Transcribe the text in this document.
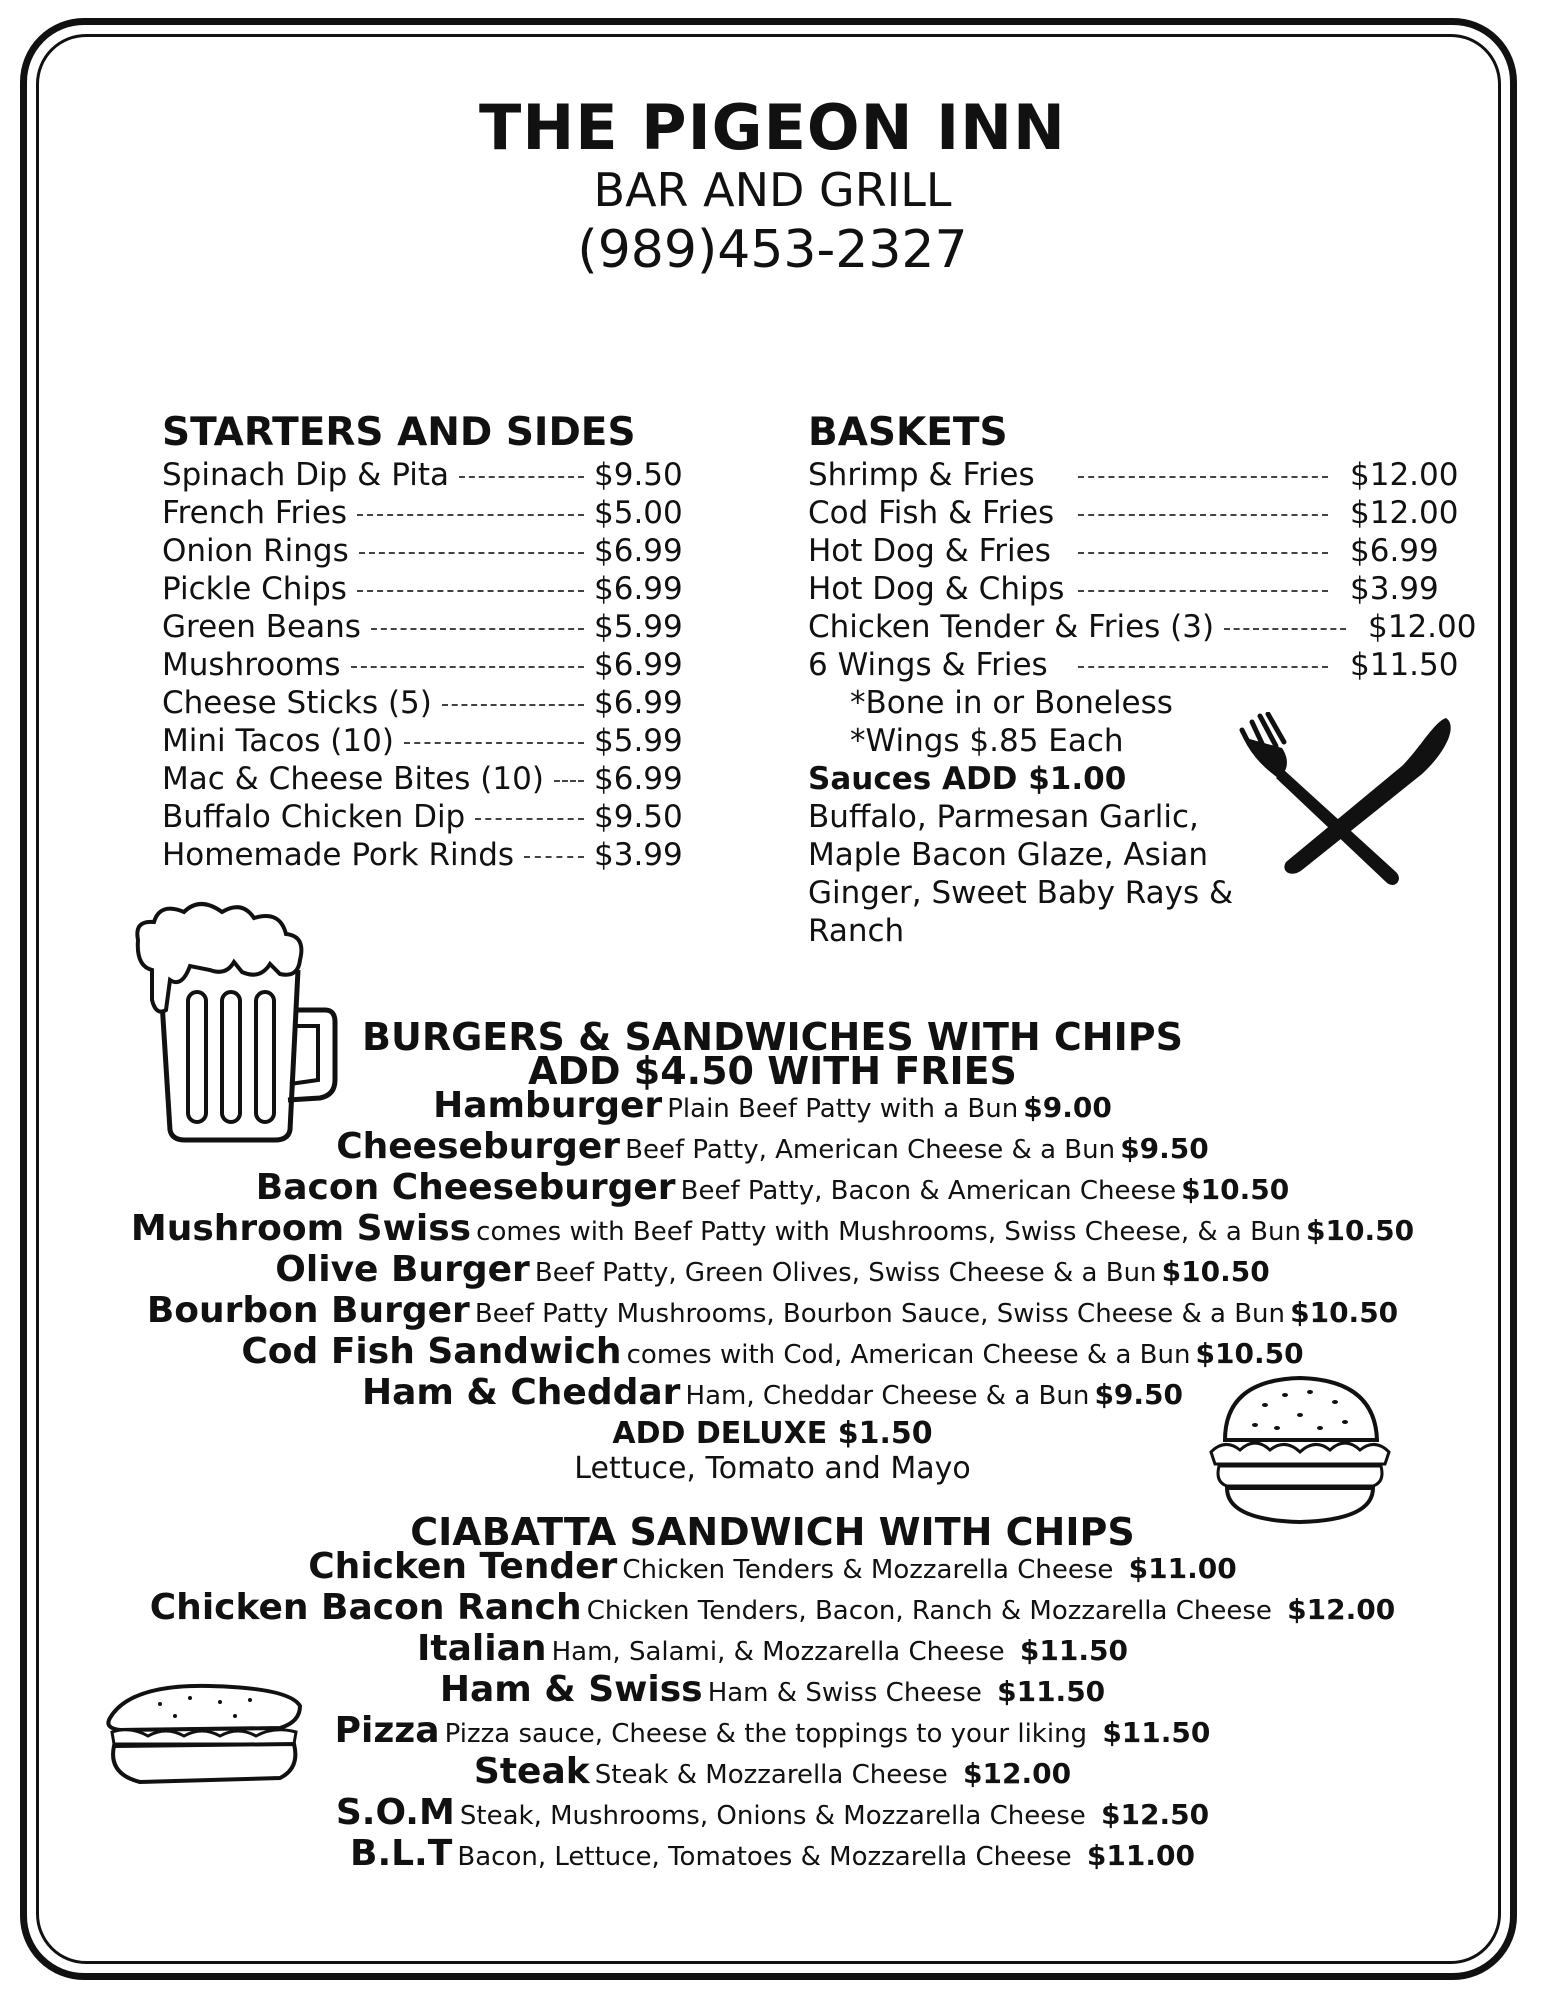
THE PIGEON INN
BAR AND GRILL
(989)453-2327
STARTERS AND SIDES
Spinach Dip & Pita	$9.50
French Fries	$5.00
Onion Rings	$6.99
Pickle Chips	$6.99
Green Beans	$5.99
Mushrooms	$6.99
Cheese Sticks (5)	$6.99
Mini Tacos (10)	$5.99
Mac & Cheese Bites (10) $6.99
Buffalo Chicken Dip	$9.50
Homemade Pork Rinds	$3.99
BASKETS
Shrimp & Fries	$12.00
Cod Fish & Fries	$12.00
Hot Dog & Fries	$6.99
Hot Dog & Chips	$3.99
Chicken Tender & Fries (3)	$12.00
6 Wings & Fries	$11.50
*Bone in or Boneless
*Wings $.85 Each
Sauces ADD $1.00
Buffalo, Parmesan Garlic, Maple Bacon Glaze, Asian Ginger, Sweet Baby Rays & Ranch
BURGERS & SANDWICHES WITH CHIPS
ADD $4.50 WITH FRIES
Hamburger Plain Beef Patty with a Bun $9.00
Cheeseburger Beef Patty, American Cheese & a Bun $9.50
Bacon Cheeseburger Beef Patty, Bacon & American Cheese $10.50
Mushroom Swiss comes with Beef Patty with Mushrooms, Swiss Cheese, & a Bun $10.50
Olive Burger Beef Patty, Green Olives, Swiss Cheese & a Bun $10.50
Bourbon Burger Beef Patty Mushrooms, Bourbon Sauce, Swiss Cheese & a Bun $10.50
Cod Fish Sandwich comes with Cod, American Cheese & a Bun $10.50
Ham & Cheddar Ham, Cheddar Cheese & a Bun $9.50
ADD DELUXE $1.50
Lettuce, Tomato and Mayo
CIABATTA SANDWICH WITH CHIPS
Chicken Tender Chicken Tenders & Mozzarella Cheese $11.00
Chicken Bacon Ranch Chicken Tenders, Bacon, Ranch & Mozzarella Cheese $12.00
Italian Ham, Salami, & Mozzarella Cheese $11.50
Ham & Swiss Ham & Swiss Cheese $11.50
Pizza Pizza sauce, Cheese & the toppings to your liking $11.50
Steak Steak & Mozzarella Cheese $12.00
S.O.M Steak, Mushrooms, Onions & Mozzarella Cheese $12.50
B.L.T Bacon, Lettuce, Tomatoes & Mozzarella Cheese $11.00
